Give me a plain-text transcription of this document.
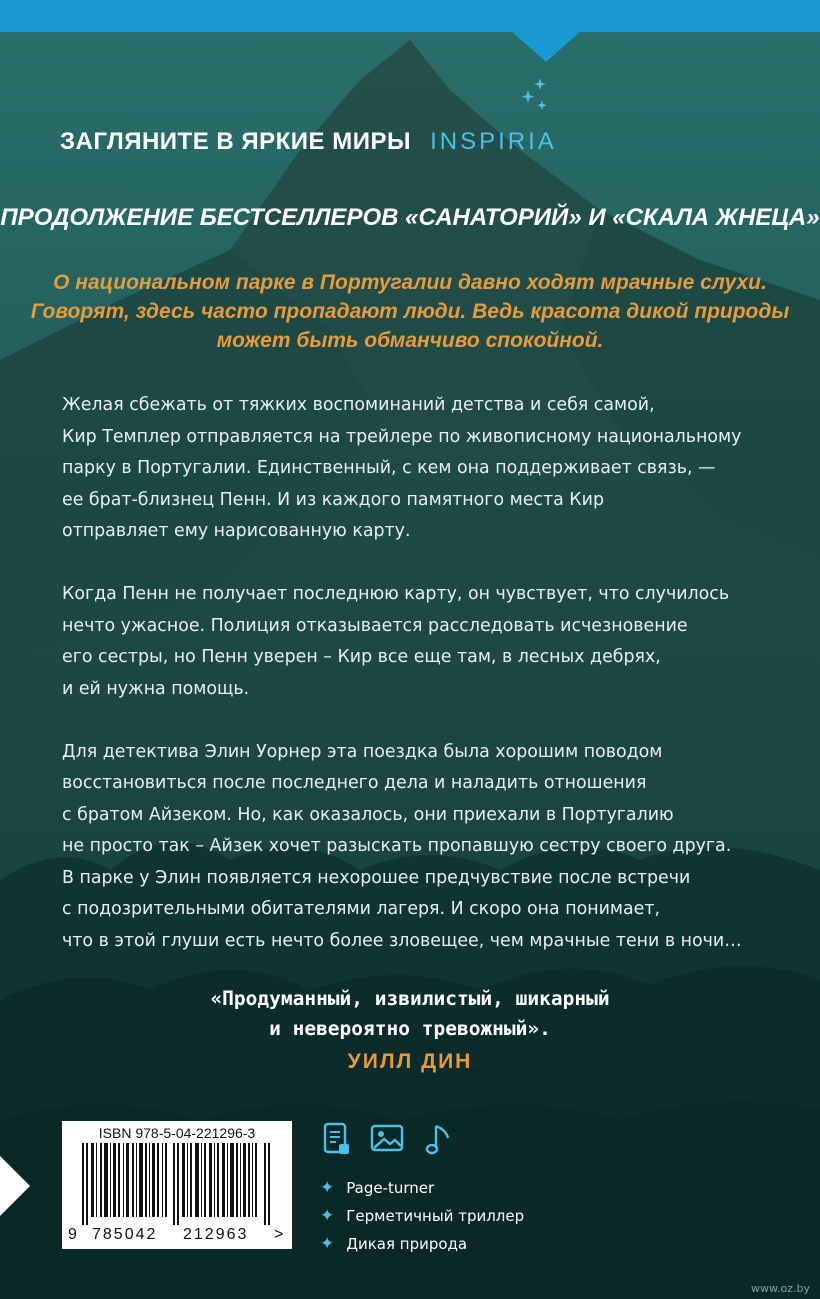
ЗАГЛЯНИТЕ В ЯРКИЕ МИРЫ INSPIRIA
ПРОДОЛЖЕНИЕ БЕСТСЕЛЛЕРОВ «САНАТОРИЙ» И «СКАЛА ЖНЕЦА»
О национальном парке в Португалии давно ходят мрачные слухи.
Говорят, здесь часто пропадают люди. Ведь красота дикой природы
может быть обманчиво спокойной.
Желая сбежать от тяжких воспоминаний детства и себя самой,
Кир Темплер отправляется на трейлере по живописному национальному
парку в Португалии. Единственный, с кем она поддерживает связь, —
ее брат-близнец Пенн. И из каждого памятного места Кир
отправляет ему нарисованную карту.
Когда Пенн не получает последнюю карту, он чувствует, что случилось
нечто ужасное. Полиция отказывается расследовать исчезновение
его сестры, но Пенн уверен – Кир все еще там, в лесных дебрях,
и ей нужна помощь.
Для детектива Элин Уорнер эта поездка была хорошим поводом
восстановиться после последнего дела и наладить отношения
с братом Айзеком. Но, как оказалось, они приехали в Португалию
не просто так – Айзек хочет разыскать пропавшую сестру своего друга.
В парке у Элин появляется нехорошее предчувствие после встречи
с подозрительными обитателями лагеря. И скоро она понимает,
что в этой глуши есть нечто более зловещее, чем мрачные тени в ночи…
«Продуманный, извилистый, шикарный
и невероятно тревожный».
УИЛЛ ДИН
ISBN 978-5-04-221296-3
9 785042 212963 >
✦ Page-turner
✦ Герметичный триллер
✦ Дикая природа
www.oz.by
